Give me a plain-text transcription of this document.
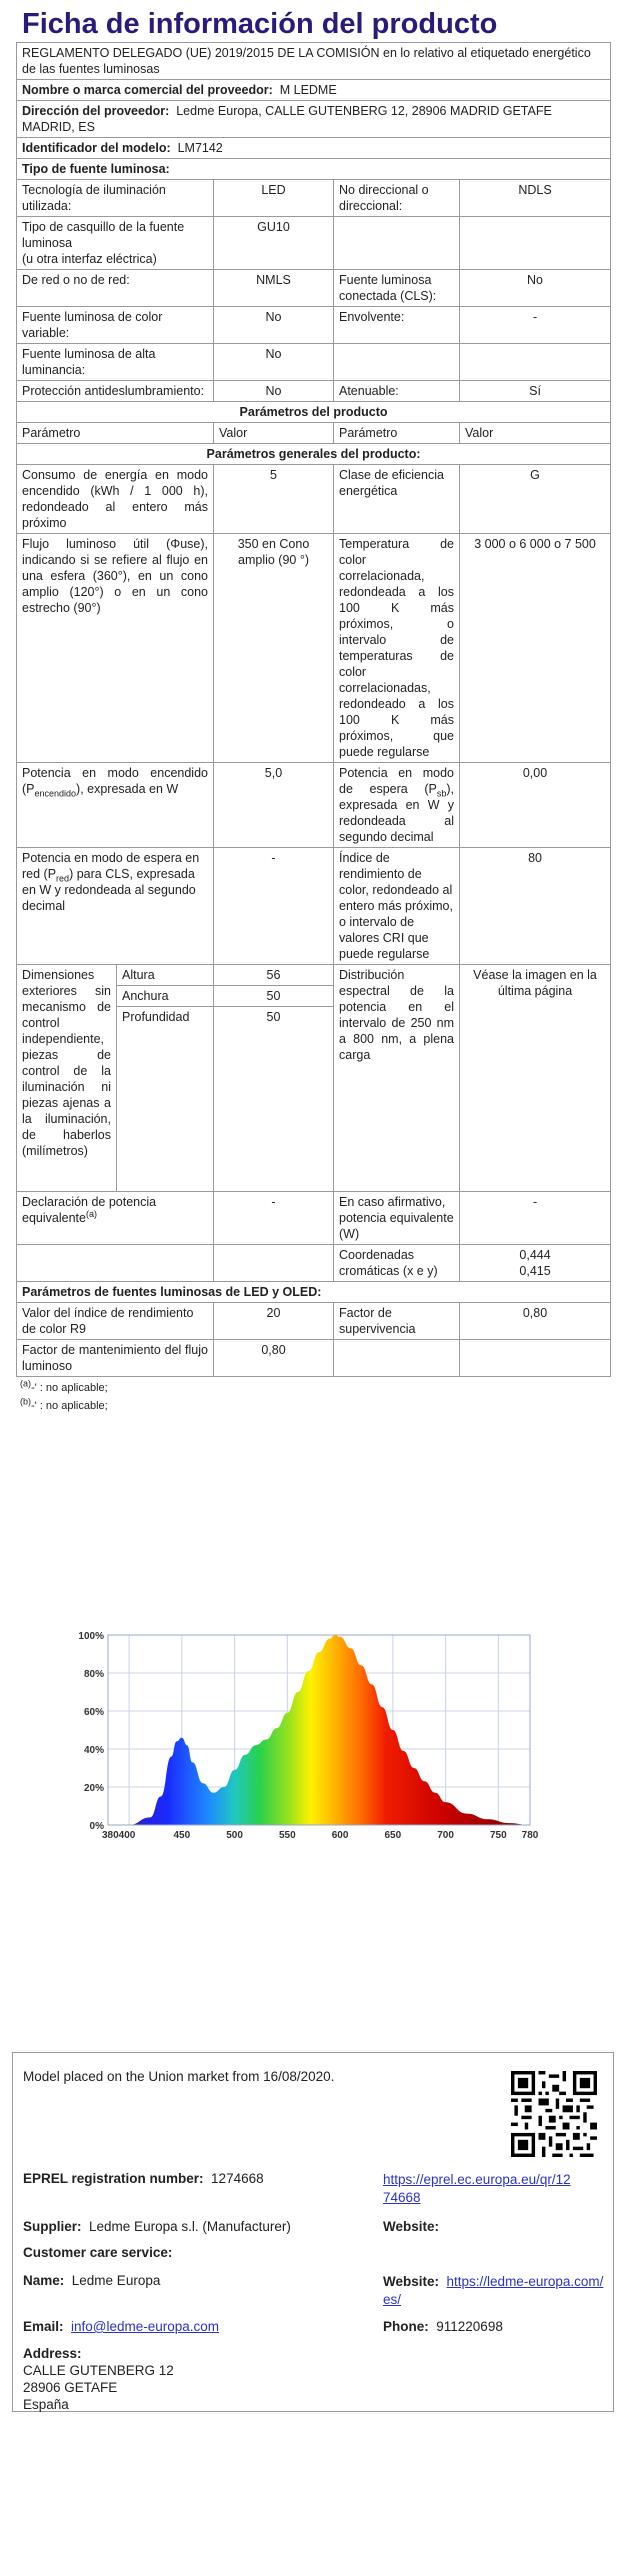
Ficha de información del producto
REGLAMENTO DELEGADO (UE) 2019/2015 DE LA COMISIÓN en lo relativo al etiquetado energético de las fuentes luminosas				
Nombre o marca comercial del proveedor: M LEDME				
Dirección del proveedor: Ledme Europa, CALLE GUTENBERG 12, 28906 MADRID GETAFE MADRID, ES				
Identificador del modelo: LM7142				
Tipo de fuente luminosa:				
Tecnología de iluminación utilizada:		LED	No direccional o direccional:	NDLS

Tipo de casquillo de la fuente luminosa
(u otra interfaz eléctrica)		GU10		
De red o no de red:		NMLS	Fuente luminosa conectada (CLS):	No
Fuente luminosa de color variable:		No	Envolvente:	-
Fuente luminosa de alta luminancia:		No		
Protección antideslumbramiento:		No	Atenuable:	Sí
Parámetros del producto				
Parámetro		Valor	Parámetro	Valor
Parámetros generales del producto:				
Consumo de energía en modo encendido (kWh / 1 000 h), redondeado al entero más próximo		5	Clase de eficiencia energética	G
Flujo luminoso útil (Φuse), indicando si se refiere al flujo en una esfera (360°), en un cono amplio (120°) o en un cono estrecho (90°)		350 en Cono amplio (90 °)	Temperatura de color correlacionada, redondeada a los 100 K más próximos, o intervalo de temperaturas de color correlacionadas, redondeado a los 100 K más próximos, que puede regularse	3 000 o 6 000 o 7 500
Potencia en modo encendido $(P_{encendido})$, expresada en W		5,0	Potencia en modo de espera $(P_{sb})$, expresada en W y redondeada al segundo decimal	0,00
Potencia en modo de espera en red $(P_{red})$ para CLS, expresada en W y redondeada al segundo decimal		-	Índice de rendimiento de color, redondeado al entero más próximo, o intervalo de valores CRI que puede regularse	80
Dimensiones exteriores sin mecanismo de control independiente, piezas de control de la iluminación ni piezas ajenas a la iluminación, de haberlos (milímetros)	Altura	56	Distribución espectral de la potencia en el intervalo de 250 nm a 800 nm, a plena carga	Véase la imagen en la última página
	Anchura	50		
	Profundidad	50		
Declaración de potencia equivalente$^{(a)}$		-	En caso afirmativo, potencia equivalente (W)	-
			Coordenadas cromáticas (x e y)	0,444
0,415

Parámetros de fuentes luminosas de LED y OLED:				
Valor del índice de rendimiento de color R9		20	Factor de supervivencia	0,80
Factor de mantenimiento del flujo luminoso		0,80		
$^{(a)}$-' : no aplicable;
$^{(b)}$-' : no aplicable;
0%
20%
40%
60%
80%
100%
380400	450	500	550	600	650	700	750 780
Model placed on the Union market from 16/08/2020.
EPREL registration number: 1274668	https://eprel.ec.europa.eu/qr/12
74668
Supplier: Ledme Europa s.l. (Manufacturer)	Website:
Customer care service:
Name: Ledme Europa	Website: https://ledme-europa.com/
es/
Email: info@ledme-europa.com	Phone: 911220698
Address:
CALLE GUTENBERG 12
28906 GETAFE
España
